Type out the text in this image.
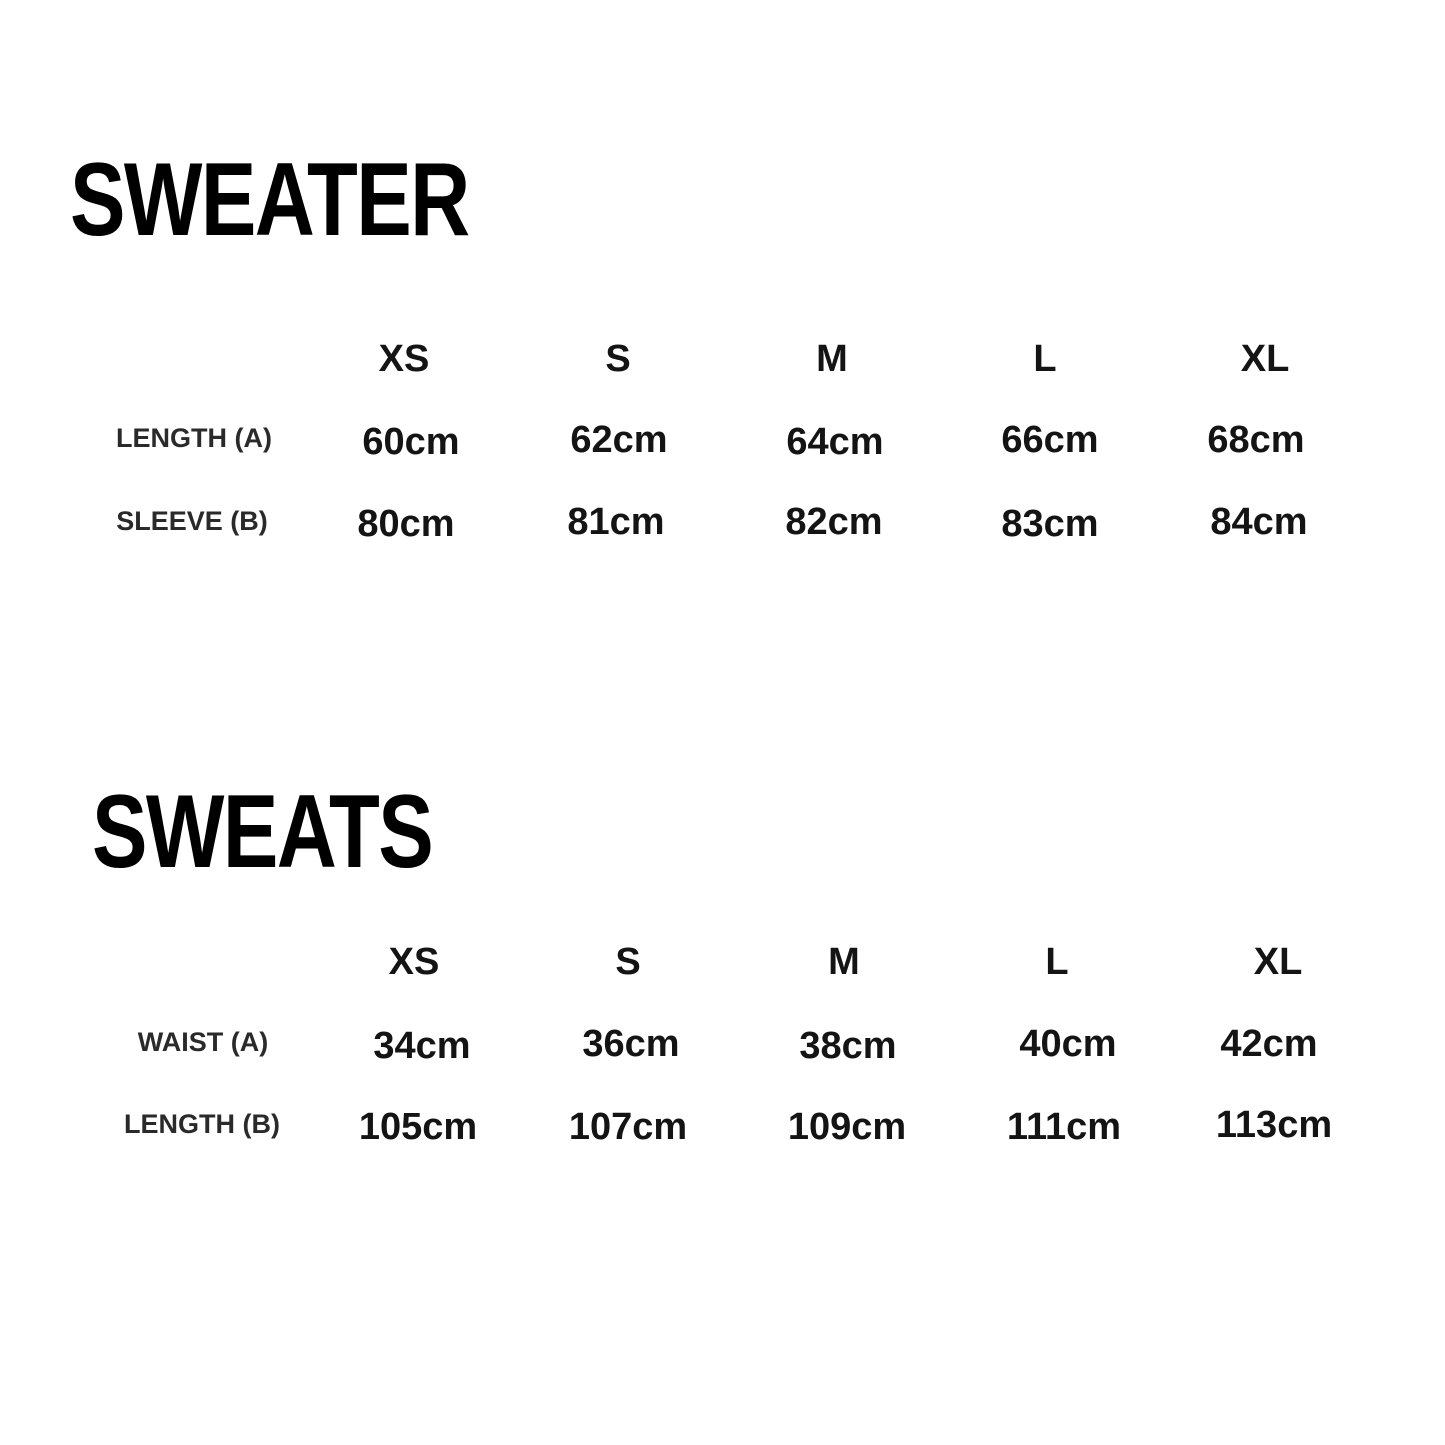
SWEATER
XS	S	M	L	XL
LENGTH (A) 60cm	62cm	64cm	66cm	68cm
SLEEVE (B) 80cm	81cm	82cm	83cm	84cm
SWEATS
XS	S	M	L	XL
WAIST (A)	34cm	36cm	38cm	40cm	42cm
LENGTH (B) 105cm 107cm	109cm	111cm 113cm
